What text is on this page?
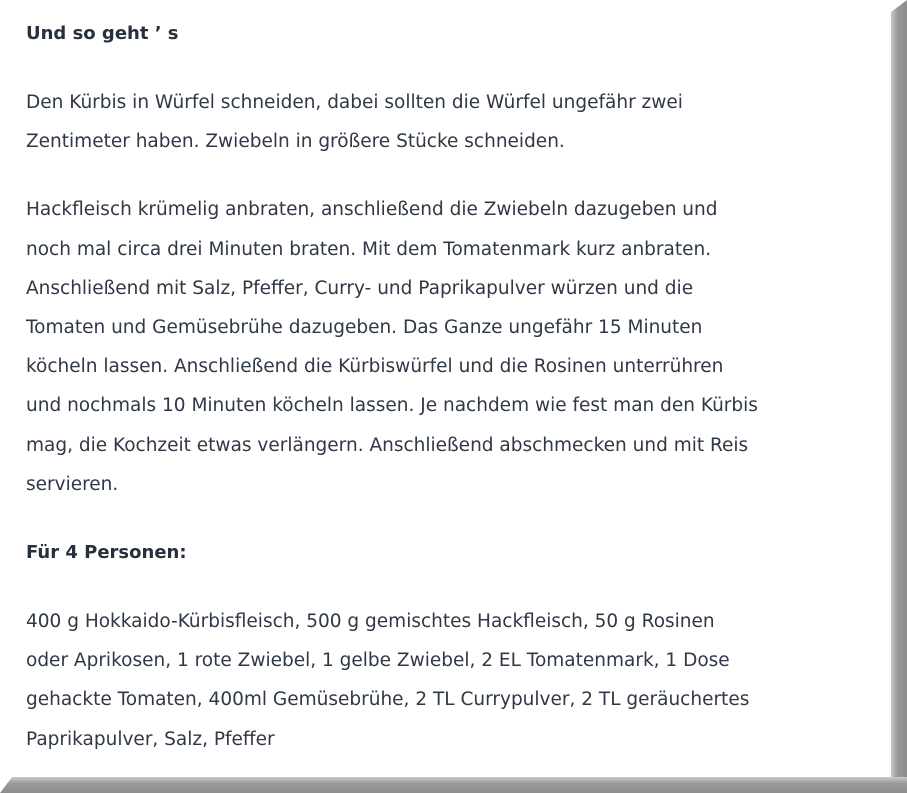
Und so geht ’ s

Den Kürbis in Würfel schneiden, dabei sollten die Würfel ungefähr zwei

Zentimeter haben. Zwiebeln in größere Stücke schneiden.

Hackfleisch krümelig anbraten, anschließend die Zwiebeln dazugeben und

noch mal circa drei Minuten braten. Mit dem Tomatenmark kurz anbraten.

Anschließend mit Salz, Pfeffer, Curry- und Paprikapulver würzen und die

Tomaten und Gemüsebrühe dazugeben. Das Ganze ungefähr 15 Minuten

köcheln lassen. Anschließend die Kürbiswürfel und die Rosinen unterrühren

und nochmals 10 Minuten köcheln lassen. Je nachdem wie fest man den Kürbis

mag, die Kochzeit etwas verlängern. Anschließend abschmecken und mit Reis

servieren.

Für 4 Personen:

400 g Hokkaido-Kürbisfleisch, 500 g gemischtes Hackfleisch, 50 g Rosinen

oder Aprikosen, 1 rote Zwiebel, 1 gelbe Zwiebel, 2 EL Tomatenmark, 1 Dose

gehackte Tomaten, 400ml Gemüsebrühe, 2 TL Currypulver, 2 TL geräuchertes

Paprikapulver, Salz, Pfeffer
